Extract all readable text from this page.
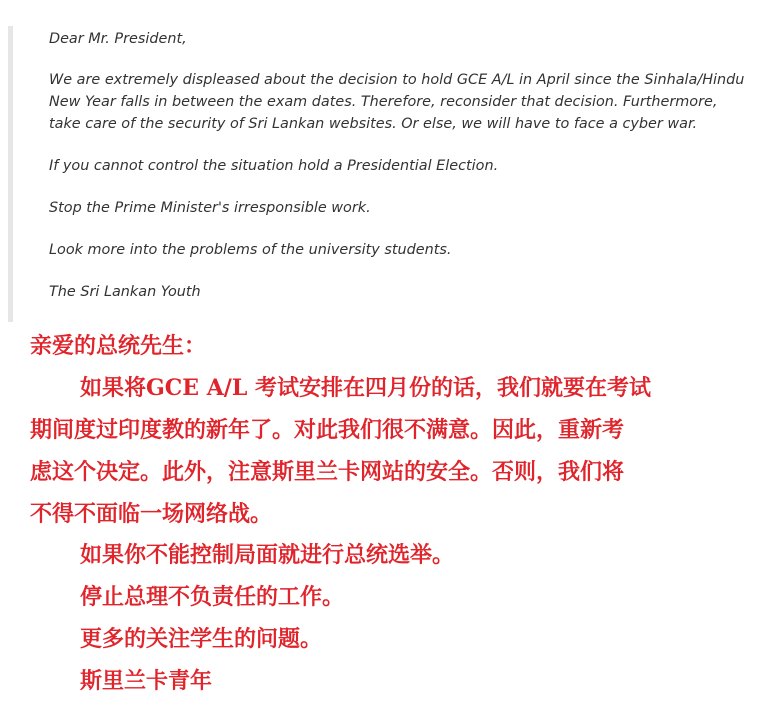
Dear Mr. President,

We are extremely displeased about the decision to hold GCE A/L in April since the Sinhala/Hindu New Year falls in between the exam dates. Therefore, reconsider that decision. Furthermore, take care of the security of Sri Lankan websites. Or else, we will have to face a cyber war.

If you cannot control the situation hold a Presidential Election.

Stop the Prime Minister's irresponsible work.

Look more into the problems of the university students.

The Sri Lankan Youth

亲爱的总统先生：

如果将GCE A/L 考试安排在四月份的话，我们就要在考试

期间度过印度教的新年了。对此我们很不满意。因此，重新考

虑这个决定。此外，注意斯里兰卡网站的安全。否则，我们将

不得不面临一场网络战。

如果你不能控制局面就进行总统选举。

停止总理不负责任的工作。

更多的关注学生的问题。

斯里兰卡青年
